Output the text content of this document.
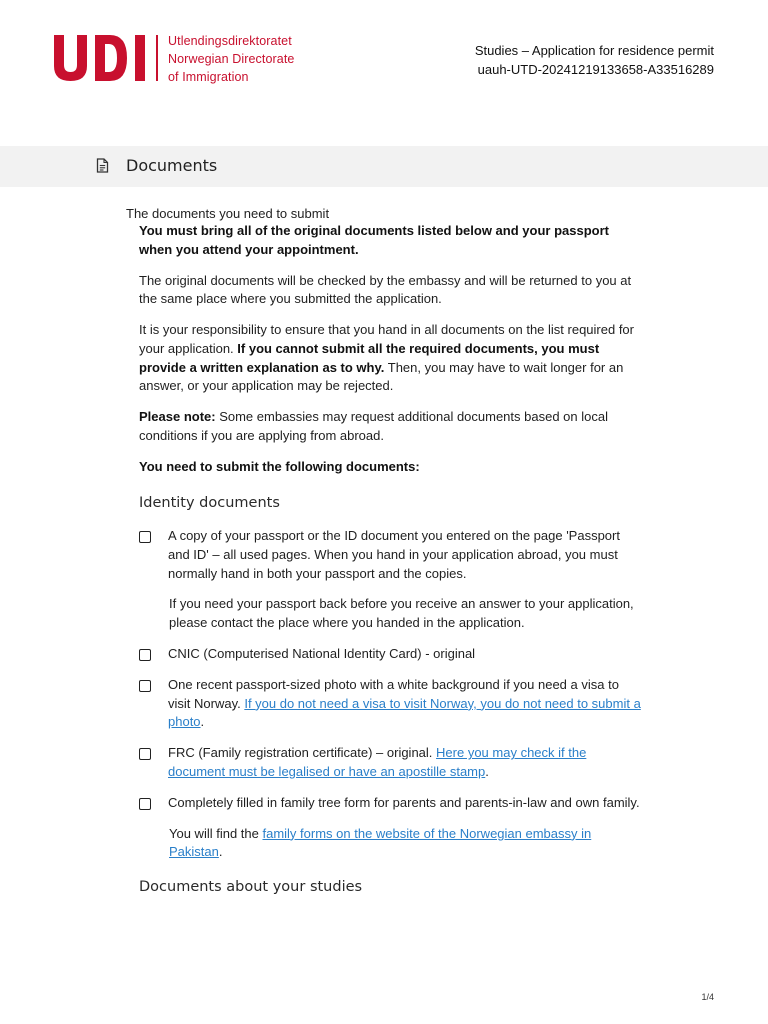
Utlendingsdirektoratet
Norwegian Directorate
of Immigration
Studies – Application for residence permit
uauh-UTD-20241219133658-A33516289
Documents
The documents you need to submit

You must bring all of the original documents listed below and your passport when you attend your appointment.

The original documents will be checked by the embassy and will be returned to you at the same place where you submitted the application.

It is your responsibility to ensure that you hand in all documents on the list required for your application. If you cannot submit all the required documents, you must provide a written explanation as to why. Then, you may have to wait longer for an answer, or your application may be rejected.

Please note: Some embassies may request additional documents based on local conditions if you are applying from abroad.

You need to submit the following documents:

Identity documents
A copy of your passport or the ID document you entered on the page 'Passport and ID' – all used pages. When you hand in your application abroad, you must normally hand in both your passport and the copies.
If you need your passport back before you receive an answer to your application, please contact the place where you handed in the application.
CNIC (Computerised National Identity Card) - original
One recent passport-sized photo with a white background if you need a visa to visit Norway. If you do not need a visa to visit Norway, you do not need to submit a photo.
FRC (Family registration certificate) – original. Here you may check if the document must be legalised or have an apostille stamp.
Completely filled in family tree form for parents and parents-in-law and own family.
You will find the family forms on the website of the Norwegian embassy in Pakistan.
Documents about your studies
1/4
